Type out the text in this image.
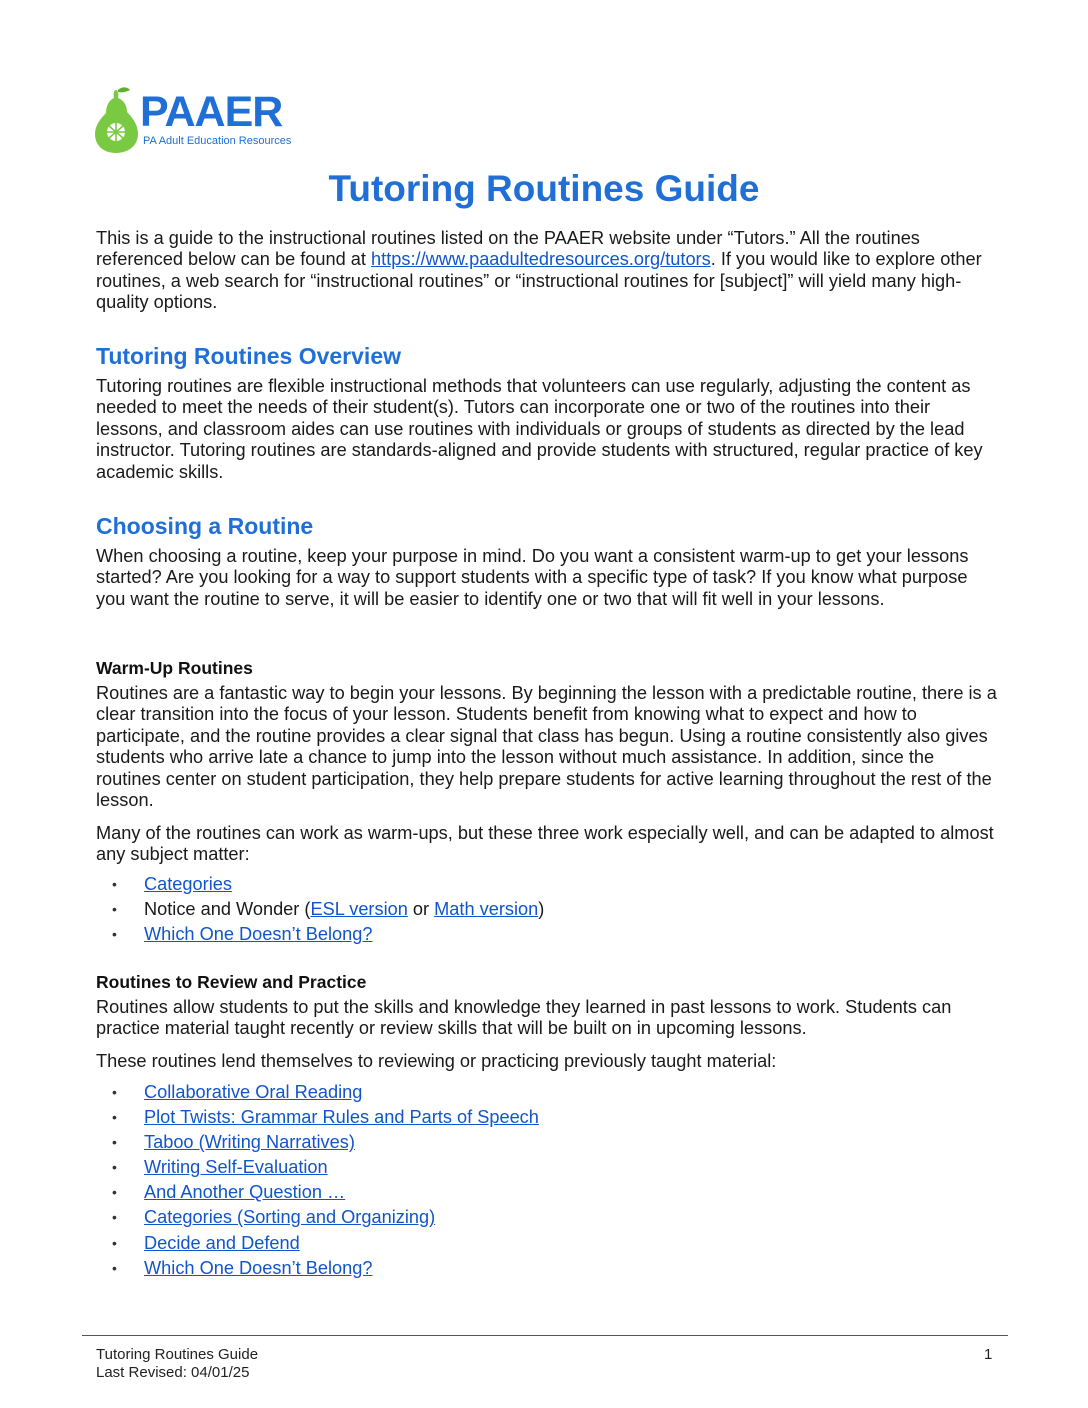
PAAER
PA Adult Education Resources
Tutoring Routines Guide

This is a guide to the instructional routines listed on the PAAER website under “Tutors.” All the routines referenced below can be found at https://www.paadultedresources.org/tutors. If you would like to explore other routines, a web search for “instructional routines” or “instructional routines for [subject]” will yield many high-quality options.

Tutoring Routines Overview

Tutoring routines are flexible instructional methods that volunteers can use regularly, adjusting the content as needed to meet the needs of their student(s). Tutors can incorporate one or two of the routines into their lessons, and classroom aides can use routines with individuals or groups of students as directed by the lead instructor. Tutoring routines are standards-aligned and provide students with structured, regular practice of key academic skills.

Choosing a Routine

When choosing a routine, keep your purpose in mind. Do you want a consistent warm-up to get your lessons started? Are you looking for a way to support students with a specific type of task? If you know what purpose you want the routine to serve, it will be easier to identify one or two that will fit well in your lessons.

Warm-Up Routines

Routines are a fantastic way to begin your lessons. By beginning the lesson with a predictable routine, there is a clear transition into the focus of your lesson. Students benefit from knowing what to expect and how to participate, and the routine provides a clear signal that class has begun. Using a routine consistently also gives students who arrive late a chance to jump into the lesson without much assistance. In addition, since the routines center on student participation, they help prepare students for active learning throughout the rest of the lesson.

Many of the routines can work as warm-ups, but these three work especially well, and can be adapted to almost any subject matter:

• Categories
• Notice and Wonder (ESL version or Math version)
• Which One Doesn’t Belong?
Routines to Review and Practice

Routines allow students to put the skills and knowledge they learned in past lessons to work. Students can practice material taught recently or review skills that will be built on in upcoming lessons.

These routines lend themselves to reviewing or practicing previously taught material:

• Collaborative Oral Reading
• Plot Twists: Grammar Rules and Parts of Speech
• Taboo (Writing Narratives)
• Writing Self-Evaluation
• And Another Question …
• Categories (Sorting and Organizing)
• Decide and Defend
• Which One Doesn’t Belong?
Tutoring Routines Guide
Last Revised: 04/01/25
1
